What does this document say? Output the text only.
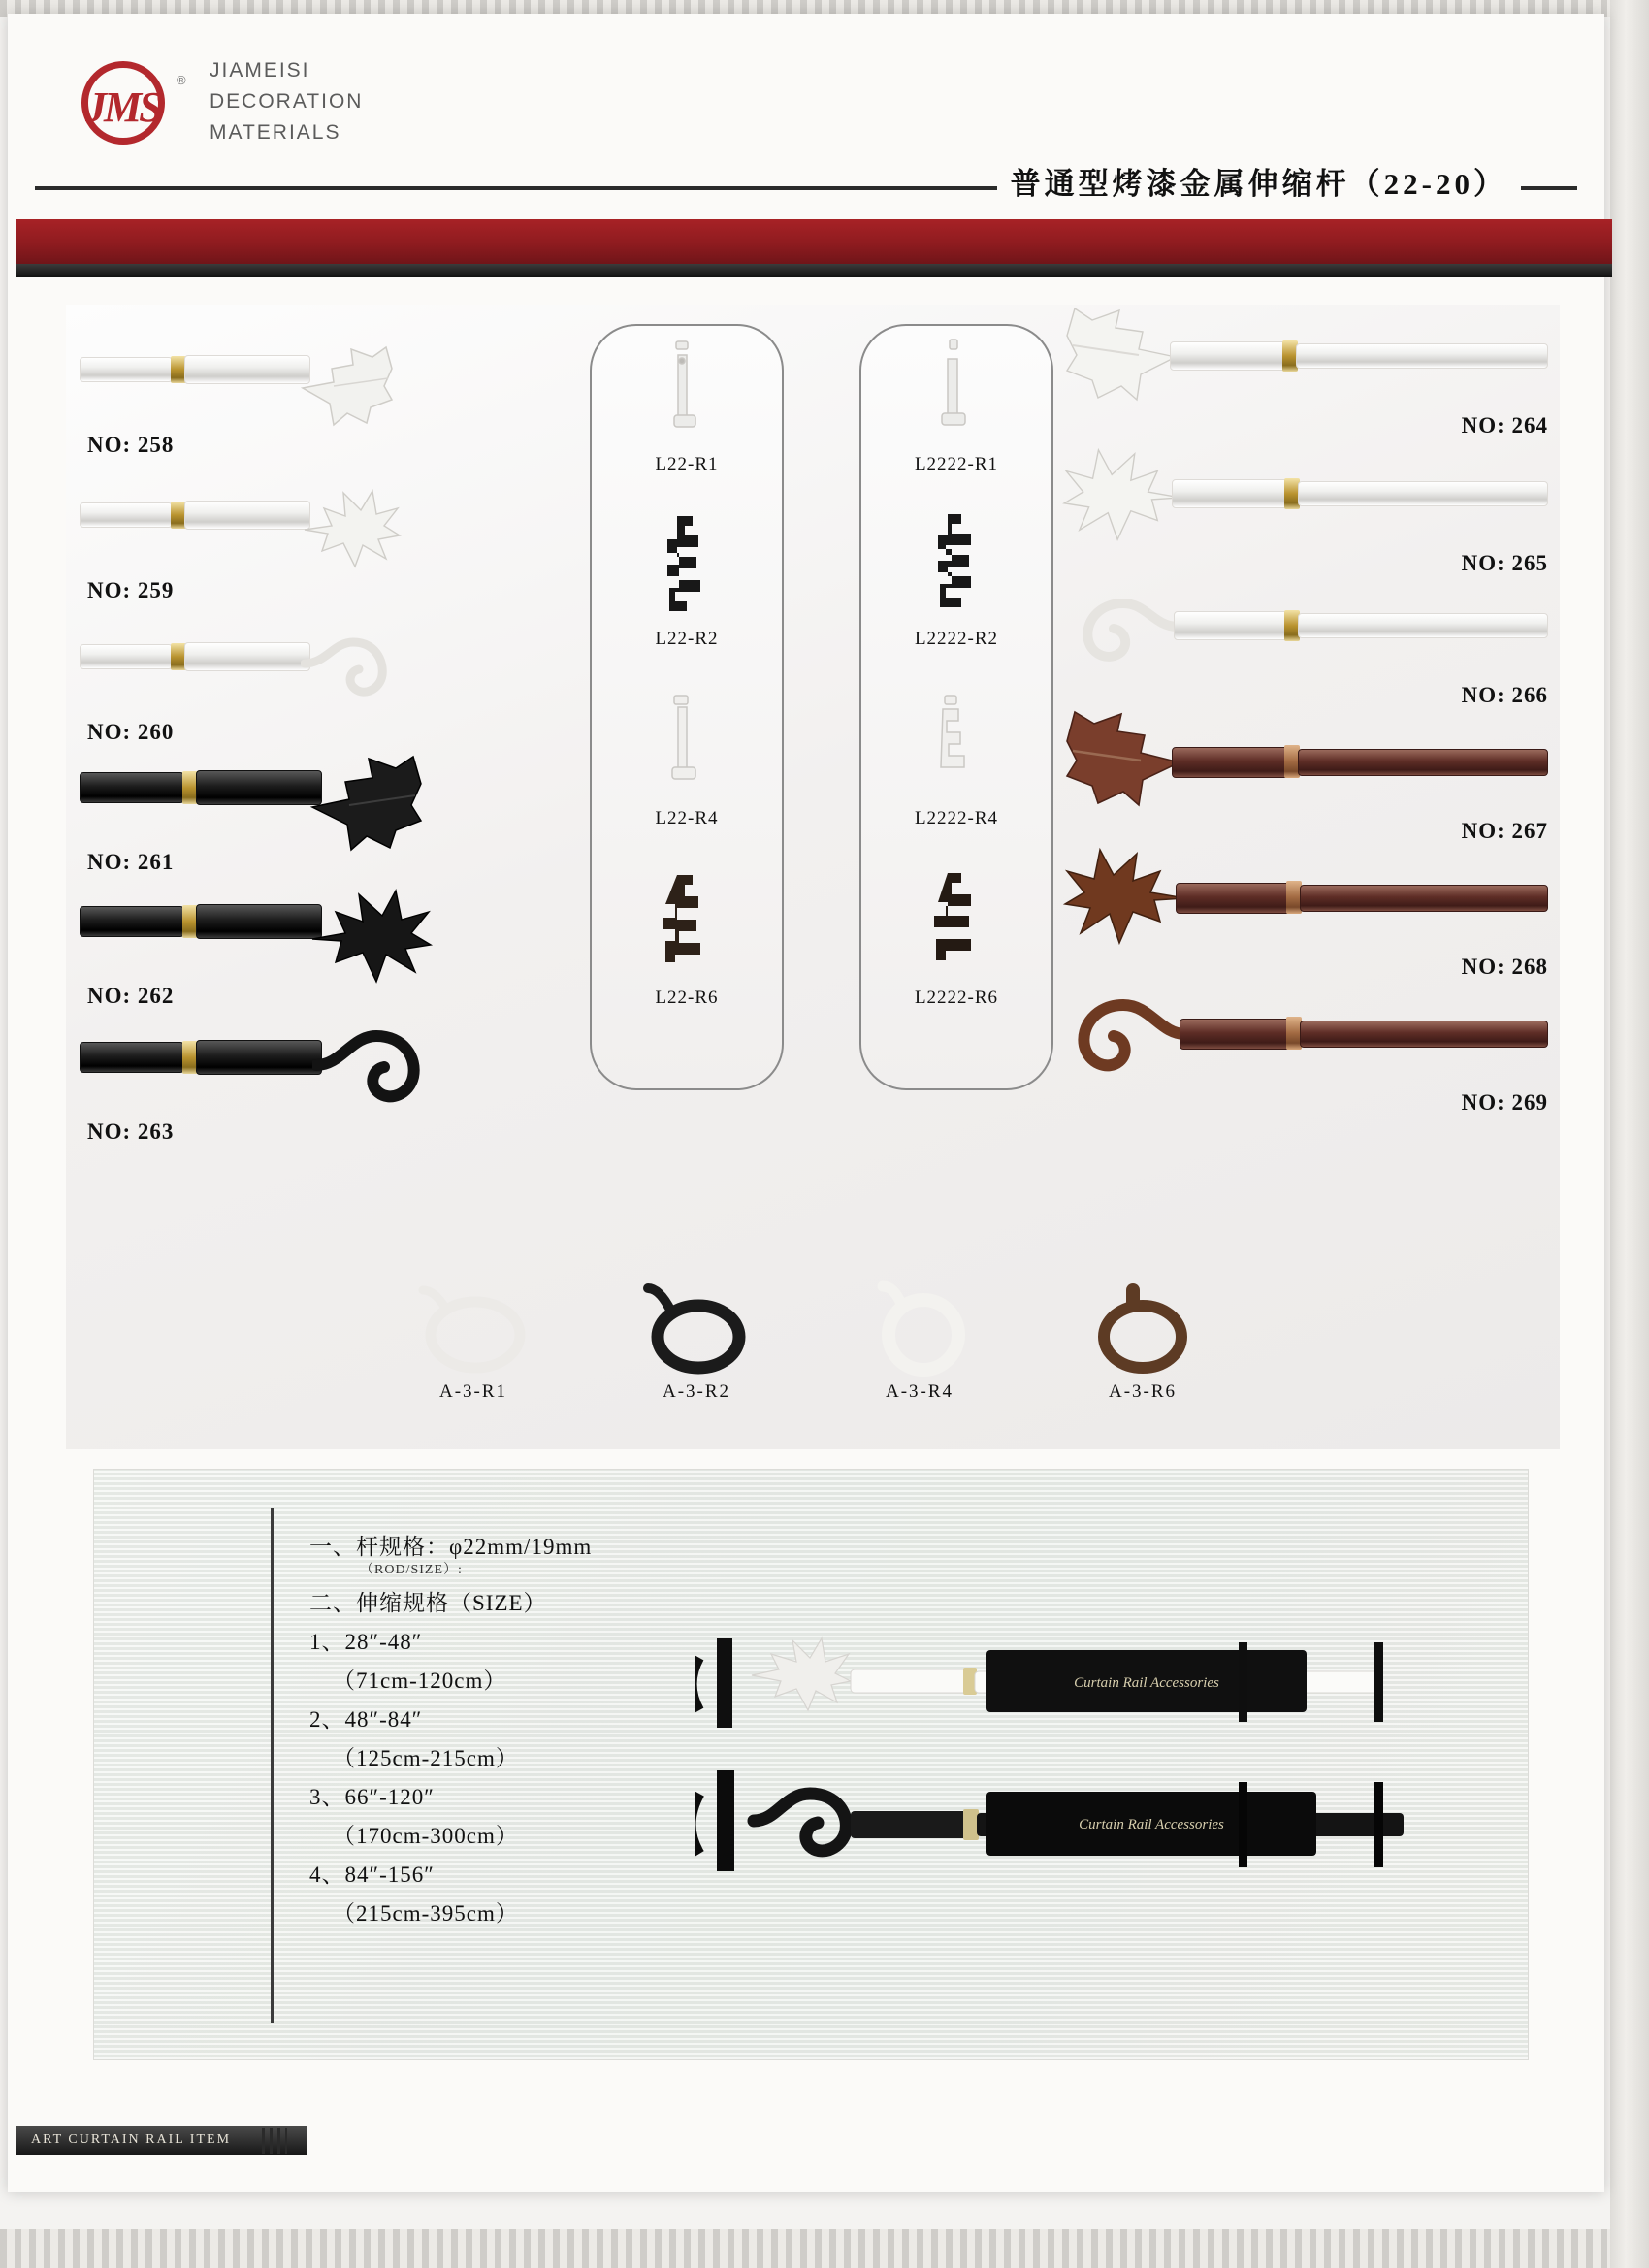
JMS
® JIAMEISI
DECORATION
MATERIALS
普通型烤漆金属伸缩杆（22-20）
NO: 258
NO: 259
NO: 260
NO: 261
NO: 262
NO: 263
L22-R1
L22-R2
L22-R4
L22-R6
L2222-R1
L2222-R2
L2222-R4
L2222-R6
NO: 264
NO: 265
NO: 266
NO: 267
NO: 268
NO: 269
A-3-R1	A-3-R2	A-3-R4	A-3-R6
一、杆规格：φ22mm/19mm
（ROD/SIZE）:
二、伸缩规格（SIZE）
1、28″-48″
（71cm-120cm）
2、48″-84″
（125cm-215cm）
3、66″-120″
（170cm-300cm）
4、84″-156″
（215cm-395cm）
Curtain Rail Accessories
Curtain Rail Accessories
ART CURTAIN RAIL ITEM
